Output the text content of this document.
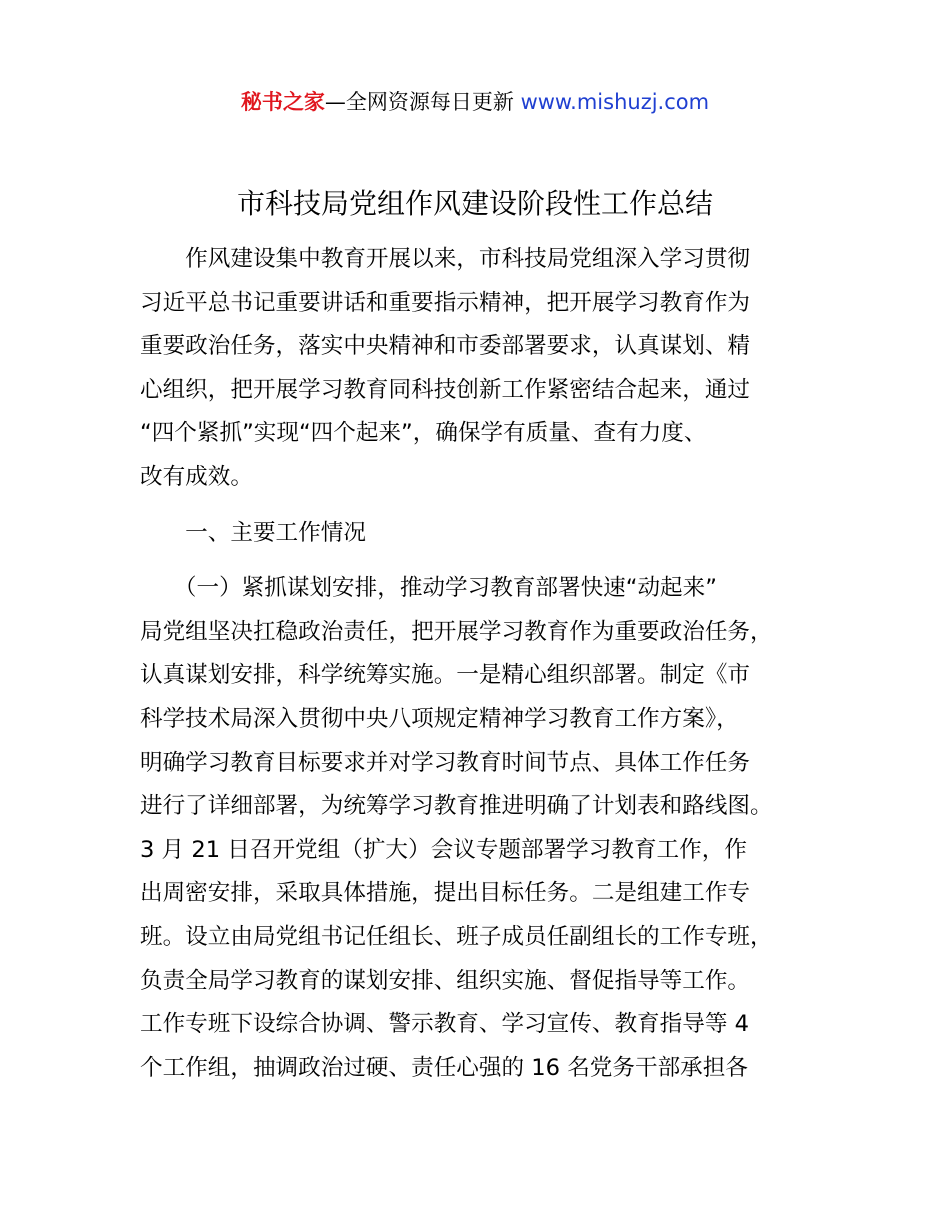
秘书之家—全网资源每日更新 www.mishuzj.com
市科技局党组作风建设阶段性工作总结
　　作风建设集中教育开展以来，市科技局党组深入学习贯彻
习近平总书记重要讲话和重要指示精神，把开展学习教育作为
重要政治任务，落实中央精神和市委部署要求，认真谋划、精
心组织，把开展学习教育同科技创新工作紧密结合起来，通过
“四个紧抓”实现“四个起来”，确保学有质量、查有力度、
改有成效。
　　一、主要工作情况
　　（一）紧抓谋划安排，推动学习教育部署快速“动起来”
局党组坚决扛稳政治责任，把开展学习教育作为重要政治任务，
认真谋划安排，科学统筹实施。一是精心组织部署。制定《市
科学技术局深入贯彻中央八项规定精神学习教育工作方案》，
明确学习教育目标要求并对学习教育时间节点、具体工作任务
进行了详细部署，为统筹学习教育推进明确了计划表和路线图。
3 月 21 日召开党组（扩大）会议专题部署学习教育工作，作
出周密安排，采取具体措施，提出目标任务。二是组建工作专
班。设立由局党组书记任组长、班子成员任副组长的工作专班，
负责全局学习教育的谋划安排、组织实施、督促指导等工作。
工作专班下设综合协调、警示教育、学习宣传、教育指导等 4
个工作组，抽调政治过硬、责任心强的 16 名党务干部承担各
